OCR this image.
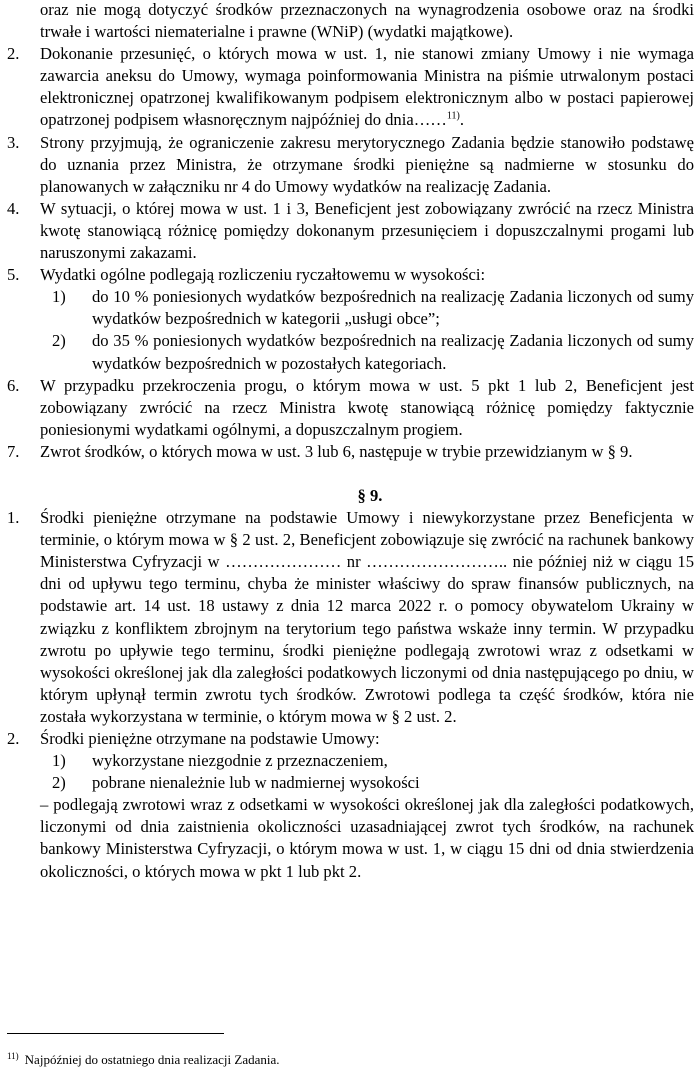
oraz nie mogą dotyczyć środków przeznaczonych na wynagrodzenia osobowe oraz na środki trwałe i wartości niematerialne i prawne (WNiP) (wydatki majątkowe).
2. Dokonanie przesunięć, o których mowa w ust. 1, nie stanowi zmiany Umowy i nie wymaga zawarcia aneksu do Umowy, wymaga poinformowania Ministra na piśmie utrwalonym postaci elektronicznej opatrzonej kwalifikowanym podpisem elektronicznym albo w postaci papierowej opatrzonej podpisem własnoręcznym najpóźniej do dnia……$^{11)}$.
3. Strony przyjmują, że ograniczenie zakresu merytorycznego Zadania będzie stanowiło podstawę do uznania przez Ministra, że otrzymane środki pieniężne są nadmierne w stosunku do planowanych w załączniku nr 4 do Umowy wydatków na realizację Zadania.
4. W sytuacji, o której mowa w ust. 1 i 3, Beneficjent jest zobowiązany zwrócić na rzecz Ministra kwotę stanowiącą różnicę pomiędzy dokonanym przesunięciem i dopuszczalnymi progami lub naruszonymi zakazami.
5. Wydatki ogólne podlegają rozliczeniu ryczałtowemu w wysokości:
1) do 10 % poniesionych wydatków bezpośrednich na realizację Zadania liczonych od sumy wydatków bezpośrednich w kategorii „usługi obce”;
2) do 35 % poniesionych wydatków bezpośrednich na realizację Zadania liczonych od sumy wydatków bezpośrednich w pozostałych kategoriach.
6. W przypadku przekroczenia progu, o którym mowa w ust. 5 pkt 1 lub 2, Beneficjent jest zobowiązany zwrócić na rzecz Ministra kwotę stanowiącą różnicę pomiędzy faktycznie poniesionymi wydatkami ogólnymi, a dopuszczalnym progiem.
7. Zwrot środków, o których mowa w ust. 3 lub 6, następuje w trybie przewidzianym w § 9.
§ 9.
1. Środki pieniężne otrzymane na podstawie Umowy i niewykorzystane przez Beneficjenta w terminie, o którym mowa w § 2 ust. 2, Beneficjent zobowiązuje się zwrócić na rachunek bankowy Ministerstwa Cyfryzacji w ………………… nr …………………….. nie później niż w ciągu 15 dni od upływu tego terminu, chyba że minister właściwy do spraw finansów publicznych, na podstawie art. 14 ust. 18 ustawy z dnia 12 marca 2022 r. o pomocy obywatelom Ukrainy w związku z konfliktem zbrojnym na terytorium tego państwa wskaże inny termin. W przypadku zwrotu po upływie tego terminu, środki pieniężne podlegają zwrotowi wraz z odsetkami w wysokości określonej jak dla zaległości podatkowych liczonymi od dnia następującego po dniu, w którym upłynął termin zwrotu tych środków. Zwrotowi podlega ta część środków, która nie została wykorzystana w terminie, o którym mowa w § 2 ust. 2.
2. Środki pieniężne otrzymane na podstawie Umowy:
1) wykorzystane niezgodnie z przeznaczeniem,
2) pobrane nienależnie lub w nadmiernej wysokości
– podlegają zwrotowi wraz z odsetkami w wysokości określonej jak dla zaległości podatkowych, liczonymi od dnia zaistnienia okoliczności uzasadniającej zwrot tych środków, na rachunek bankowy Ministerstwa Cyfryzacji, o którym mowa w ust. 1, w ciągu 15 dni od dnia stwierdzenia okoliczności, o których mowa w pkt 1 lub pkt 2.
$^{11)}$ Najpóźniej do ostatniego dnia realizacji Zadania.
